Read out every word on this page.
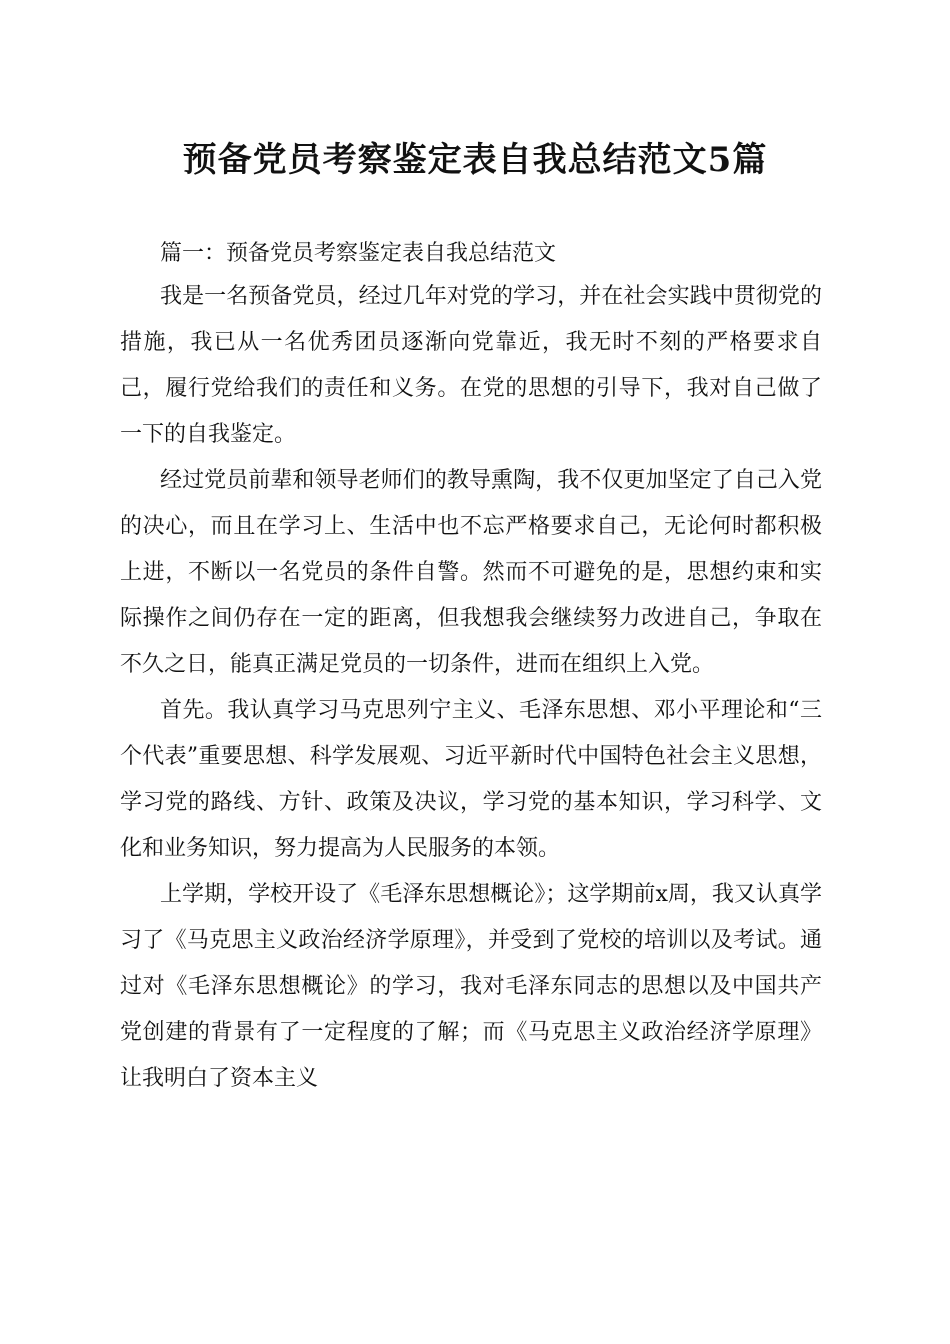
预备党员考察鉴定表自我总结范文5篇

篇一：预备党员考察鉴定表自我总结范文

我是一名预备党员，经过几年对党的学习，并在社会实践中贯彻党的措施，我已从一名优秀团员逐渐向党靠近，我无时不刻的严格要求自己，履行党给我们的责任和义务。在党的思想的引导下，我对自己做了一下的自我鉴定。

经过党员前辈和领导老师们的教导熏陶，我不仅更加坚定了自己入党的决心，而且在学习上、生活中也不忘严格要求自己，无论何时都积极上进，不断以一名党员的条件自警。然而不可避免的是，思想约束和实际操作之间仍存在一定的距离，但我想我会继续努力改进自己，争取在不久之日，能真正满足党员的一切条件，进而在组织上入党。

首先。我认真学习马克思列宁主义、毛泽东思想、邓小平理论和“三个代表”重要思想、科学发展观、习近平新时代中国特色社会主义思想，学习党的路线、方针、政策及决议，学习党的基本知识，学习科学、文化和业务知识，努力提高为人民服务的本领。

上学期，学校开设了《毛泽东思想概论》；这学期前x周，我又认真学习了《马克思主义政治经济学原理》，并受到了党校的培训以及考试。通过对《毛泽东思想概论》的学习，我对毛泽东同志的思想以及中国共产党创建的背景有了一定程度的了解；而《马克思主义政治经济学原理》让我明白了资本主义
